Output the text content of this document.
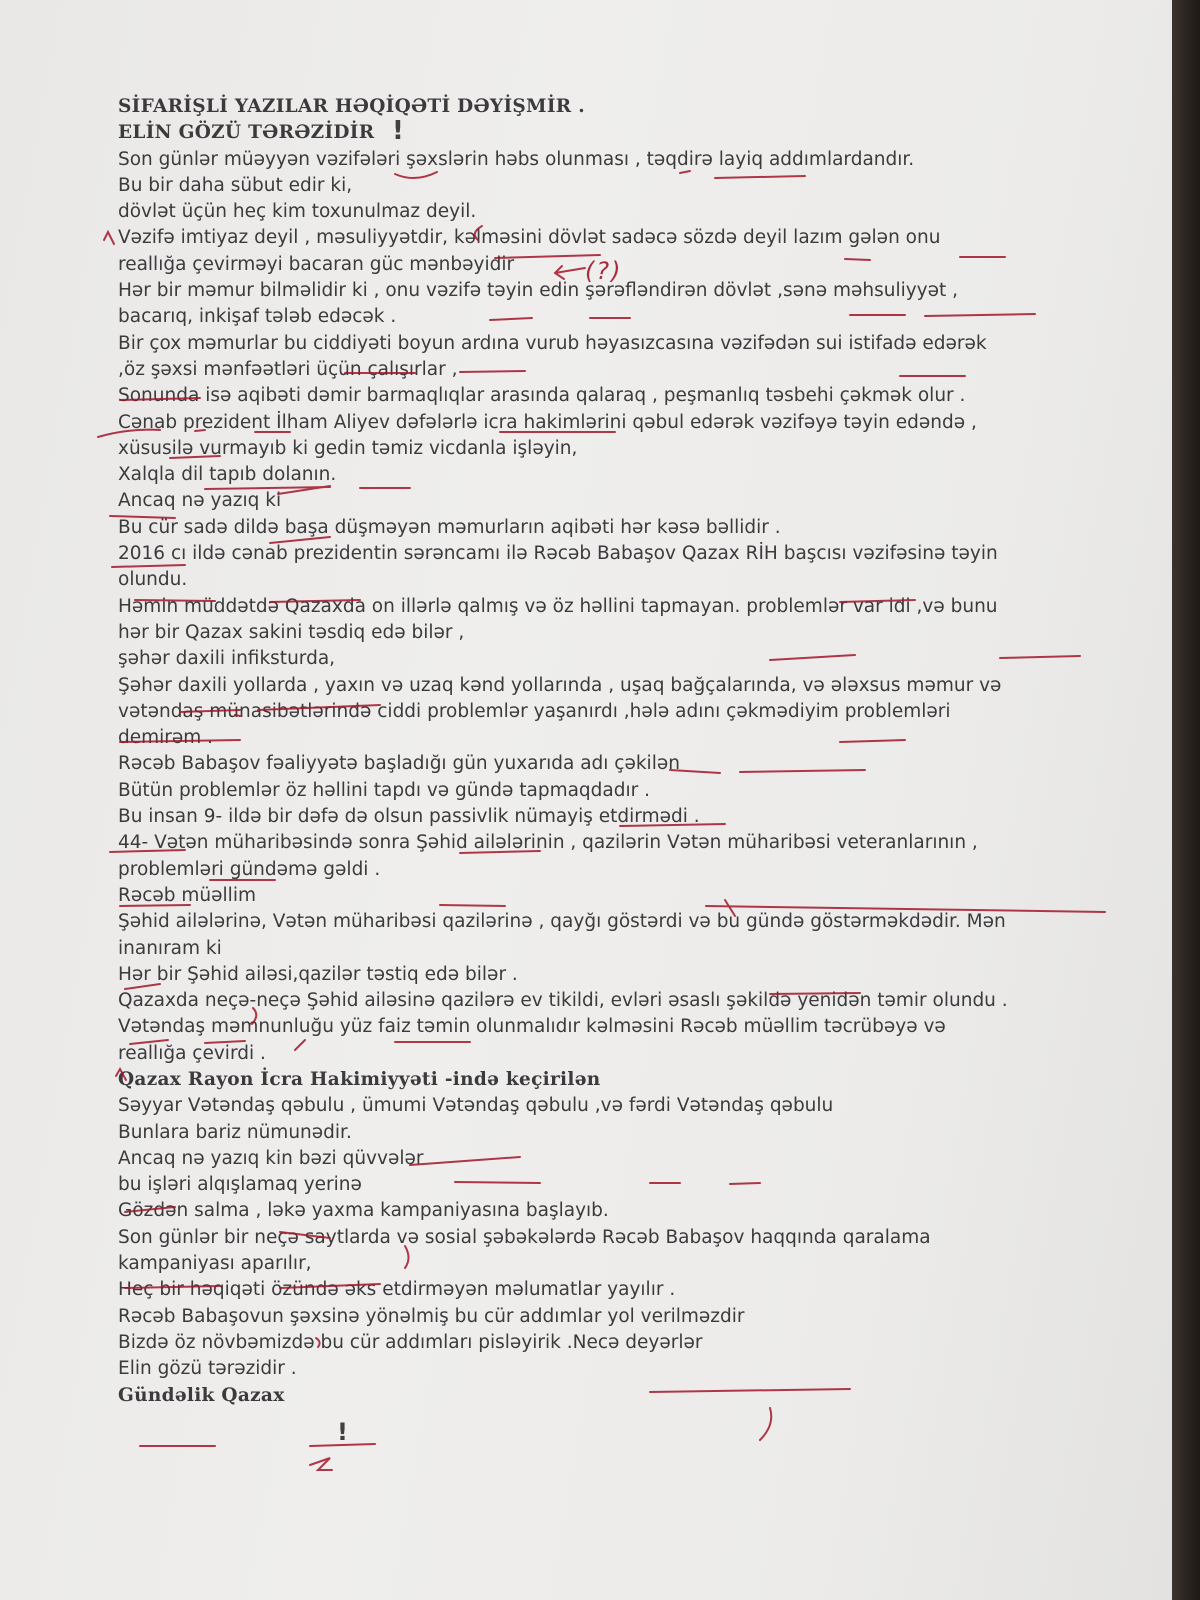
SİFARİŞLİ YAZILAR HƏQİQƏTİ DƏYİŞMİR .
ELİN GÖZÜ TƏRƏZİDİR
Son günlər müəyyən vəzifələri şəxslərin həbs olunması , təqdirə layiq addımlardandır.
Bu bir daha sübut edir ki,
dövlət üçün heç kim toxunulmaz deyil.
Vəzifə imtiyaz deyil , məsuliyyətdir, kəlməsini dövlət sadəcə sözdə deyil lazım gələn onu
reallığa çevirməyi bacaran güc mənbəyidir
Hər bir məmur bilməlidir ki , onu vəzifə təyin edin şərəfləndirən dövlət ,sənə məhsuliyyət ,
bacarıq, inkişaf tələb edəcək .
Bir çox məmurlar bu ciddiyəti boyun ardına vurub həyasızcasına vəzifədən sui istifadə edərək
,öz şəxsi mənfəətləri üçün çalışırlar ,
Sonunda isə aqibəti dəmir barmaqlıqlar arasında qalaraq , peşmanlıq təsbehi çəkmək olur .
Cənab prezident İlham Aliyev dəfələrlə icra hakimlərini qəbul edərək vəzifəyə təyin edəndə ,
xüsusilə vurmayıb ki gedin təmiz vicdanla işləyin,
Xalqla dil tapıb dolanın.
Ancaq nə yazıq ki
Bu cür sadə dildə başa düşməyən məmurların aqibəti hər kəsə bəllidir .
2016 cı ildə cənab prezidentin sərəncamı ilə Rəcəb Babaşov Qazax RİH başcısı vəzifəsinə təyin
olundu.
Həmin müddətdə Qazaxda on illərlə qalmış və öz həllini tapmayan. problemlər var idi ,və bunu
hər bir Qazax sakini təsdiq edə bilər ,
şəhər daxili infiksturda,
Şəhər daxili yollarda , yaxın və uzaq kənd yollarında , uşaq bağçalarında, və ələxsus məmur və
vətəndaş münasibətlərində ciddi problemlər yaşanırdı ,hələ adını çəkmədiyim problemləri
demirəm .
Rəcəb Babaşov fəaliyyətə başladığı gün yuxarıda adı çəkilən
Bütün problemlər öz həllini tapdı və gündə tapmaqdadır .
Bu insan 9- ildə bir dəfə də olsun passivlik nümayiş etdirmədi .
44- Vətən müharibəsində sonra Şəhid ailələrinin , qazilərin Vətən müharibəsi veteranlarının ,
problemləri gündəmə gəldi .
Rəcəb müəllim
Şəhid ailələrinə, Vətən müharibəsi qazilərinə , qayğı göstərdi və bu gündə göstərməkdədir. Mən
inanıram ki
Hər bir Şəhid ailəsi,qazilər təstiq edə bilər .
Qazaxda neçə-neçə Şəhid ailəsinə qazilərə ev tikildi, evləri əsaslı şəkildə yenidən təmir olundu .
Vətəndaş məmnunluğu yüz faiz təmin olunmalıdır kəlməsini Rəcəb müəllim təcrübəyə və
reallığa çevirdi .
Qazax Rayon İcra Hakimiyyəti -ində keçirilən
Səyyar Vətəndaş qəbulu , ümumi Vətəndaş qəbulu ,və fərdi Vətəndaş qəbulu
Bunlara bariz nümunədir.
Ancaq nə yazıq kin bəzi qüvvələr
bu işləri alqışlamaq yerinə
Gözdən salma , ləkə yaxma kampaniyasına başlayıb.
Son günlər bir neçə saytlarda və sosial şəbəkələrdə Rəcəb Babaşov haqqında qaralama
kampaniyası aparılır,
Heç bir həqiqəti özündə əks etdirməyən məlumatlar yayılır .
Rəcəb Babaşovun şəxsinə yönəlmiş bu cür addımlar yol verilməzdir
Bizdə öz növbəmizdə bu cür addımları pisləyirik .Necə deyərlər
Elin gözü tərəzidir .
Gündəlik Qazax
!
(?)
!
